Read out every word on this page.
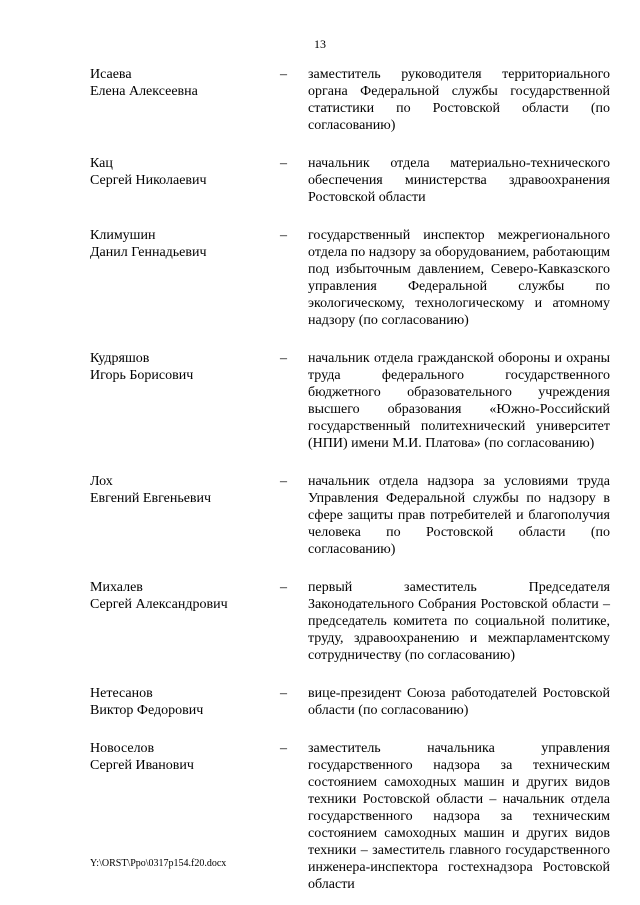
13
Исаева
Елена Алексеевна
–	заместитель руководителя территориального органа Федеральной службы государственной статистики по Ростовской области (по согласованию)
Кац
Сергей Николаевич
–	начальник отдела материально-технического обеспечения министерства здравоохранения Ростовской области
Климушин
Данил Геннадьевич
–	государственный инспектор межрегионального отдела по надзору за оборудованием, работающим под избыточным давлением, Северо-Кавказского управления Федеральной службы по экологическому, технологическому и атомному надзору (по согласованию)
Кудряшов
Игорь Борисович
–	начальник отдела гражданской обороны и охраны труда федерального государственного бюджетного образовательного учреждения высшего образования «Южно-Российский государственный политехнический университет (НПИ) имени М.И. Платова» (по согласованию)
Лох
Евгений Евгеньевич
–	начальник отдела надзора за условиями труда Управления Федеральной службы по надзору в сфере защиты прав потребителей и благополучия человека по Ростовской области (по согласованию)
Михалев
Сергей Александрович
–	первый заместитель Председателя Законодательного Собрания Ростовской области – председатель комитета по социальной политике, труду, здравоохранению и межпарламентскому сотрудничеству (по согласованию)
Нетесанов
Виктор Федорович
–	вице-президент Союза работодателей Ростовской области (по согласованию)
Новоселов
Сергей Иванович
–	заместитель начальника управления государственного надзора за техническим состоянием самоходных машин и других видов техники Ростовской области – начальник отдела государственного надзора за техническим состоянием самоходных машин и других видов техники – заместитель главного государственного инженера-инспектора гостехнадзора Ростовской области
Y:\ORST\Ppo\0317p154.f20.docx
